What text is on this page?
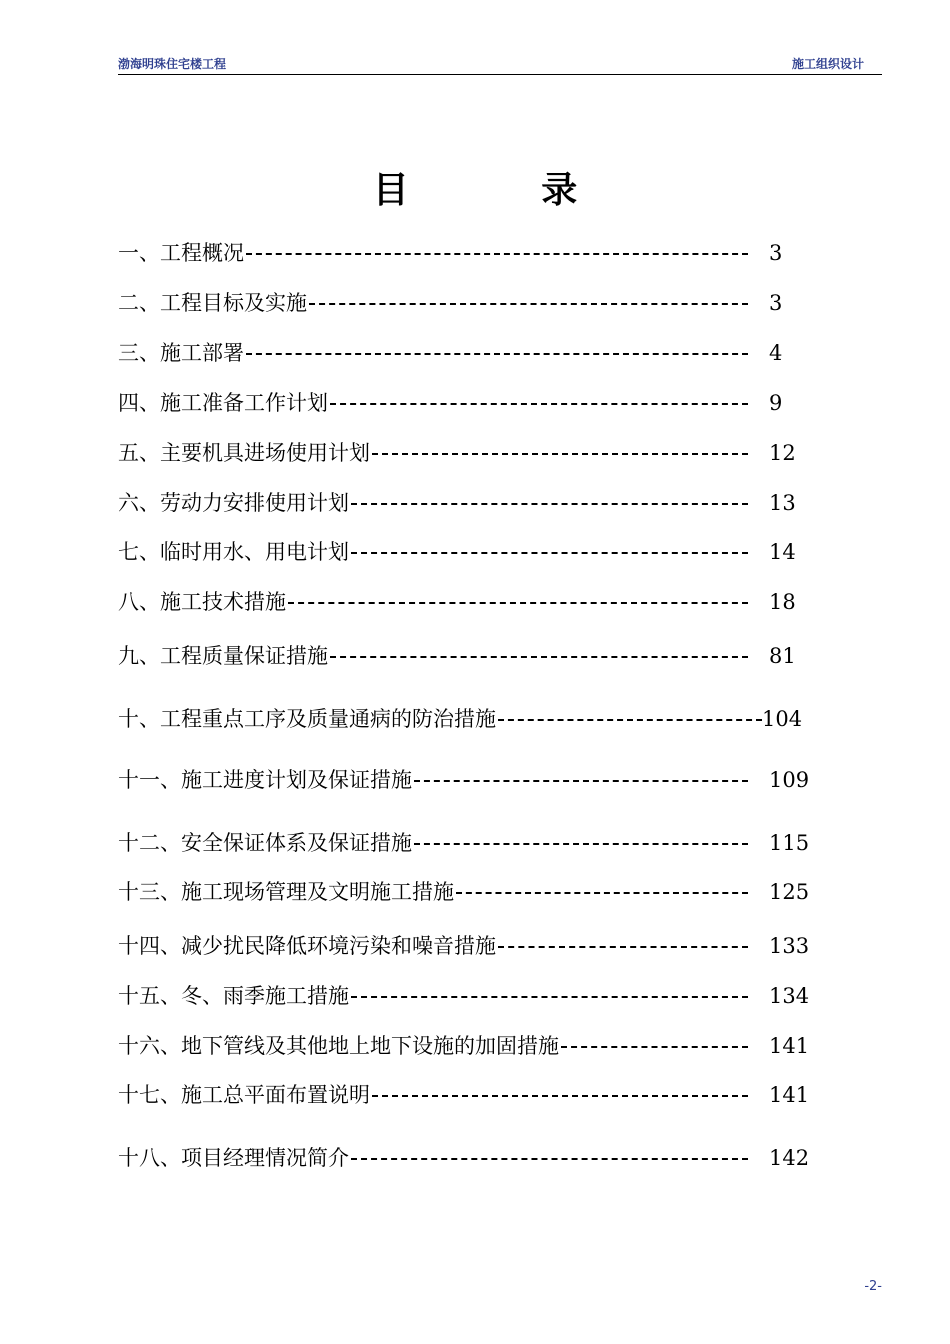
渤海明珠住宅楼工程	施工组织设计
目 录
一、工程概况	3
二、工程目标及实施	3
三、施工部署	4
四、施工准备工作计划	9
五、主要机具进场使用计划	12
六、劳动力安排使用计划	13
七、临时用水、用电计划	14
八、施工技术措施	18
九、工程质量保证措施	81
十、工程重点工序及质量通病的防治措施	104
十一、施工进度计划及保证措施	109
十二、安全保证体系及保证措施	115
十三、施工现场管理及文明施工措施	125
十四、减少扰民降低环境污染和噪音措施	133
十五、冬、雨季施工措施	134
十六、地下管线及其他地上地下设施的加固措施	141
十七、施工总平面布置说明	141
十八、项目经理情况简介	142
-2-
